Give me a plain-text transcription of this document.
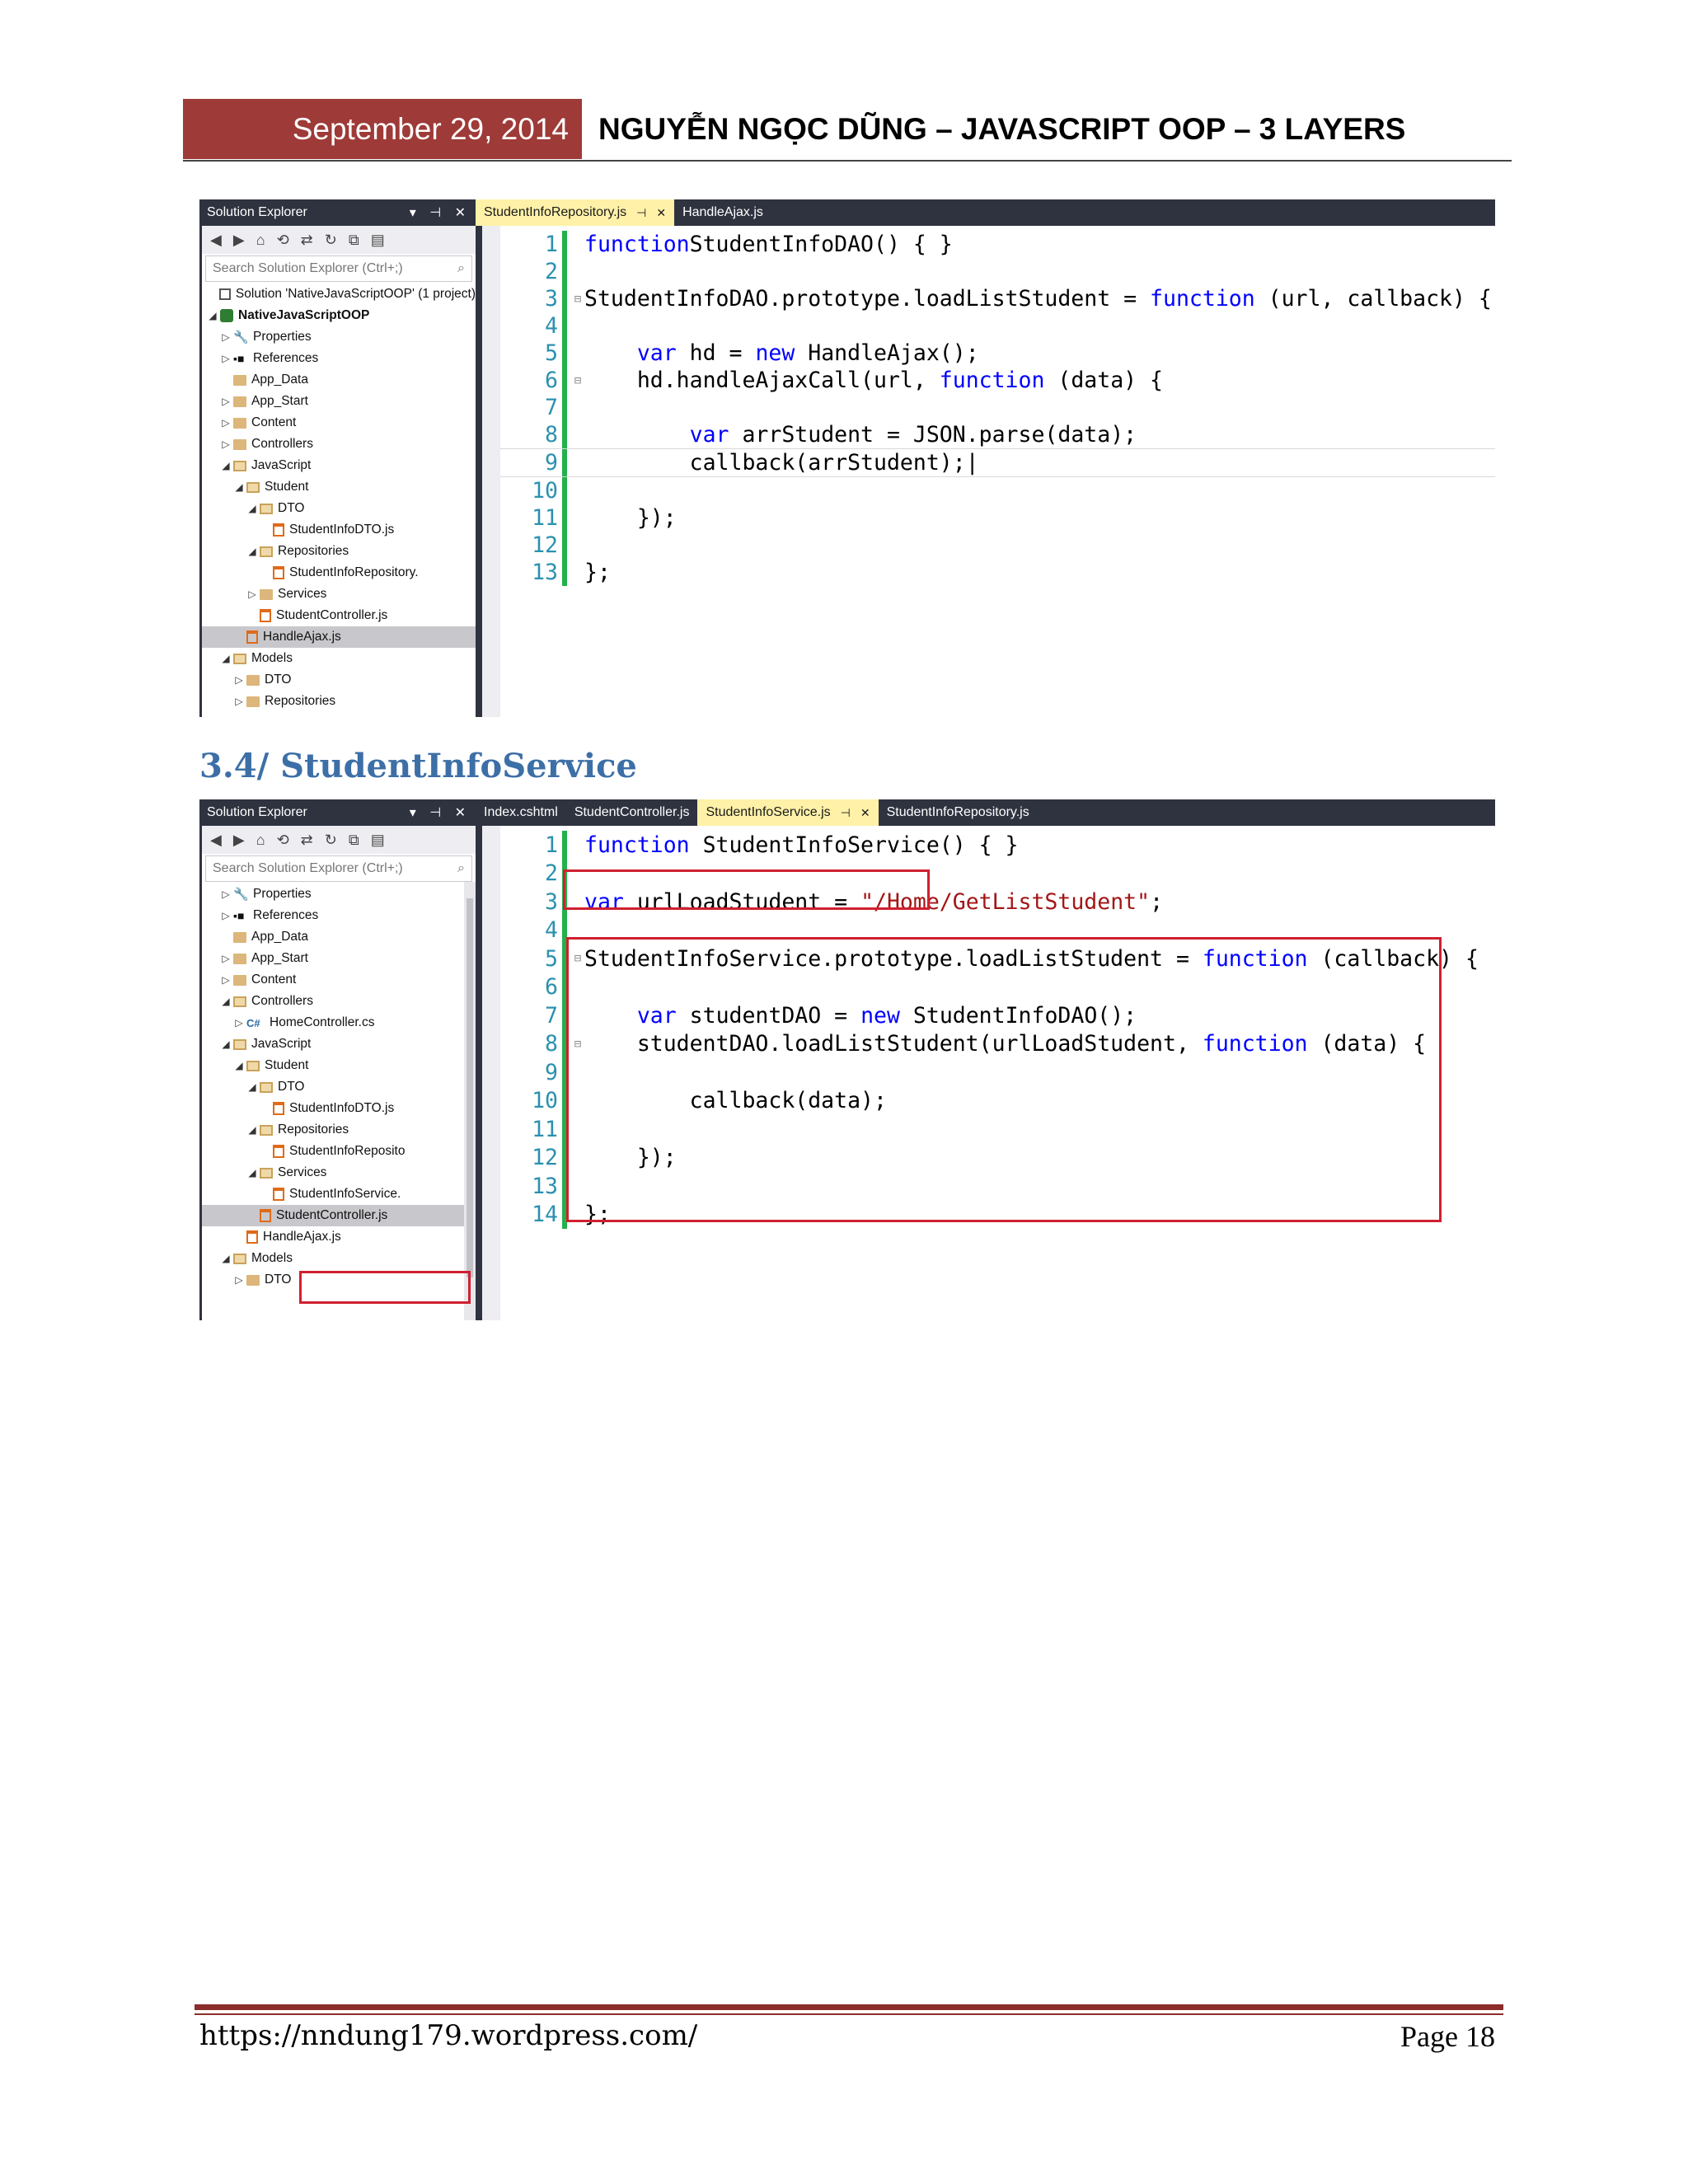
September 29, 2014 NGUYỄN NGỌC DŨNG – JAVASCRIPT OOP – 3 LAYERS
Solution Explorer	▾ ⊣ ✕
◀ ▶ ⌂ ⟲ ⇄ ↻ ⧉ ▤
Search Solution Explorer (Ctrl+;)	⌕
Solution 'NativeJavaScriptOOP' (1 project)
◢ NativeJavaScriptOOP
▷ 🔧 Properties
▷ ▪■ References
App_Data
▷ App_Start
▷ Content
▷ Controllers
◢ JavaScript
◢ Student
◢ DTO
StudentInfoDTO.js
◢ Repositories
StudentInfoRepository.
▷ Services
StudentController.js
HandleAjax.js
◢ Models
▷ DTO
▷ Repositories
StudentInfoRepository.js ⊣ ✕ HandleAjax.js
1 functionStudentInfoDAO() { }
2
3	⊟ StudentInfoDAO.prototype.loadListStudent = function (url, callback) {
4
5	var hd = new HandleAjax();
6	⊟ hd.handleAjaxCall(url, function (data) {
7
8	var arrStudent = JSON.parse(data);
9 callback(arrStudent);|
10
11 });
12
13 };
3.4/ StudentInfoService
Solution Explorer	▾ ⊣ ✕
◀ ▶ ⌂ ⟲ ⇄ ↻ ⧉ ▤
Search Solution Explorer (Ctrl+;)	⌕
▷ 🔧 Properties
▷ ▪■ References
App_Data
▷ App_Start
▷ Content
◢ Controllers
▷ C# HomeController.cs
◢ JavaScript
◢ Student
◢ DTO
StudentInfoDTO.js
◢ Repositories
StudentInfoReposito
◢ Services
StudentInfoService.
StudentController.js
HandleAjax.js
◢ Models
▷ DTO
Index.cshtml StudentController.js StudentInfoService.js ⊣ ✕ StudentInfoRepository.js
1 function StudentInfoService() { }
2
3 var urlLoadStudent = "/Home/GetListStudent";
4
5	⊟ StudentInfoService.prototype.loadListStudent = function (callback) {
6
7	var studentDAO = new StudentInfoDAO();
8	⊟ studentDAO.loadListStudent(urlLoadStudent, function (data) {
9
10 callback(data);
11
12 });
13
14 };
https://nndung179.wordpress.com/	Page 18
